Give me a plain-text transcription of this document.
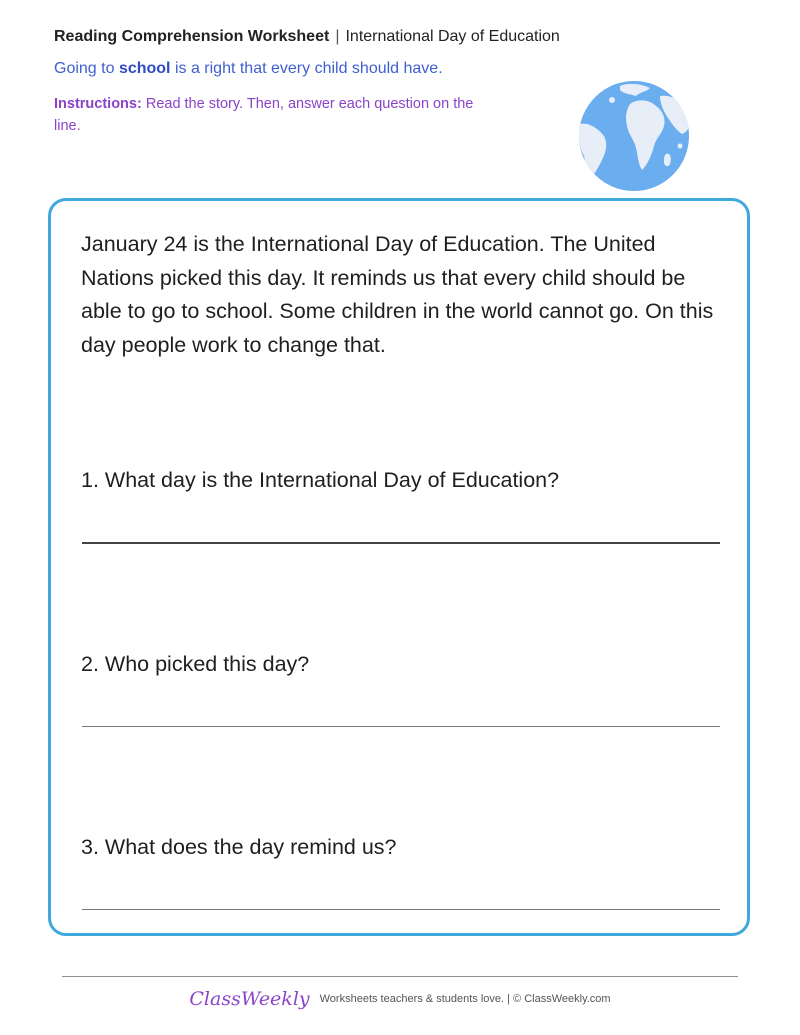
Reading Comprehension Worksheet | International Day of Education
Going to school is a right that every child should have.
Instructions: Read the story. Then, answer each question on the line.
January 24 is the International Day of Education. The United Nations picked this day. It reminds us that every child should be able to go to school. Some children in the world cannot go. On this day people work to change that.
1. What day is the International Day of Education?
2. Who picked this day?
3. What does the day remind us?
ClassWeekly Worksheets teachers & students love. | © ClassWeekly.com
